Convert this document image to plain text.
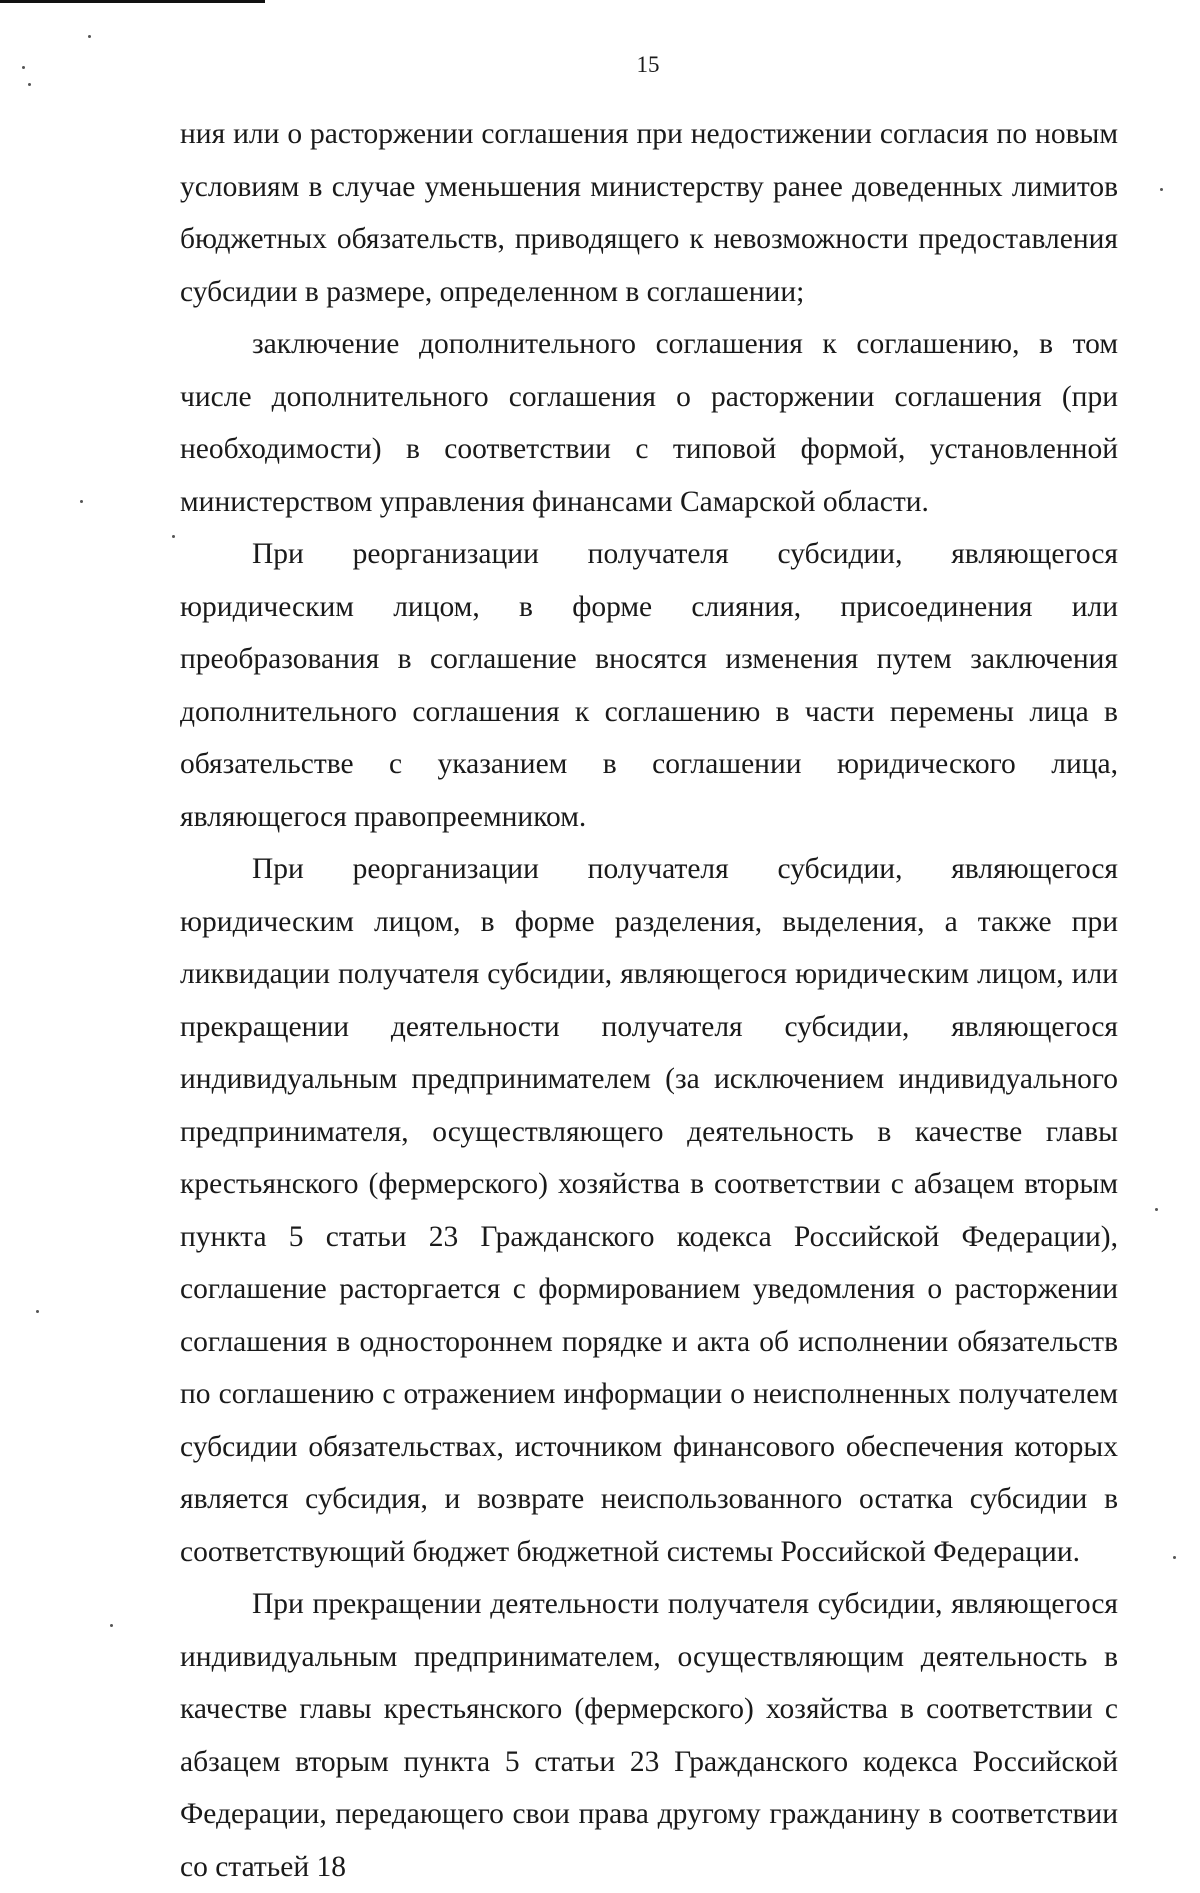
15

ния или о расторжении соглашения при недостижении согласия по новым условиям в случае уменьшения министерству ранее доведенных лимитов бюджетных обязательств, приводящего к невозможности предоставления субсидии в размере, определенном в соглашении;

заключение дополнительного соглашения к соглашению, в том числе дополнительного соглашения о расторжении соглашения (при необходимости) в соответствии с типовой формой, установленной министерством управления финансами Самарской области.

При реорганизации получателя субсидии, являющегося юридическим лицом, в форме слияния, присоединения или преобразования в соглашение вносятся изменения путем заключения дополнительного соглашения к соглашению в части перемены лица в обязательстве с указанием в соглашении юридического лица, являющегося правопреемником.

При реорганизации получателя субсидии, являющегося юридическим лицом, в форме разделения, выделения, а также при ликвидации получателя субсидии, являющегося юридическим лицом, или прекращении деятельности получателя субсидии, являющегося индивидуальным предпринимателем (за исключением индивидуального предпринимателя, осуществляющего деятельность в качестве главы крестьянского (фермерского) хозяйства в соответствии с абзацем вторым пункта 5 статьи 23 Гражданского кодекса Российской Федерации), соглашение расторгается с формированием уведомления о расторжении соглашения в одностороннем порядке и акта об исполнении обязательств по соглашению с отражением информации о неисполненных получателем субсидии обязательствах, источником финансового обеспечения которых является субсидия, и возврате неиспользованного остатка субсидии в соответствующий бюджет бюджетной системы Российской Федерации.

При прекращении деятельности получателя субсидии, являющегося индивидуальным предпринимателем, осуществляющим деятельность в качестве главы крестьянского (фермерского) хозяйства в соответствии с абзацем вторым пункта 5 статьи 23 Гражданского кодекса Российской Федерации, передающего свои права другому гражданину в соответствии со статьей 18
